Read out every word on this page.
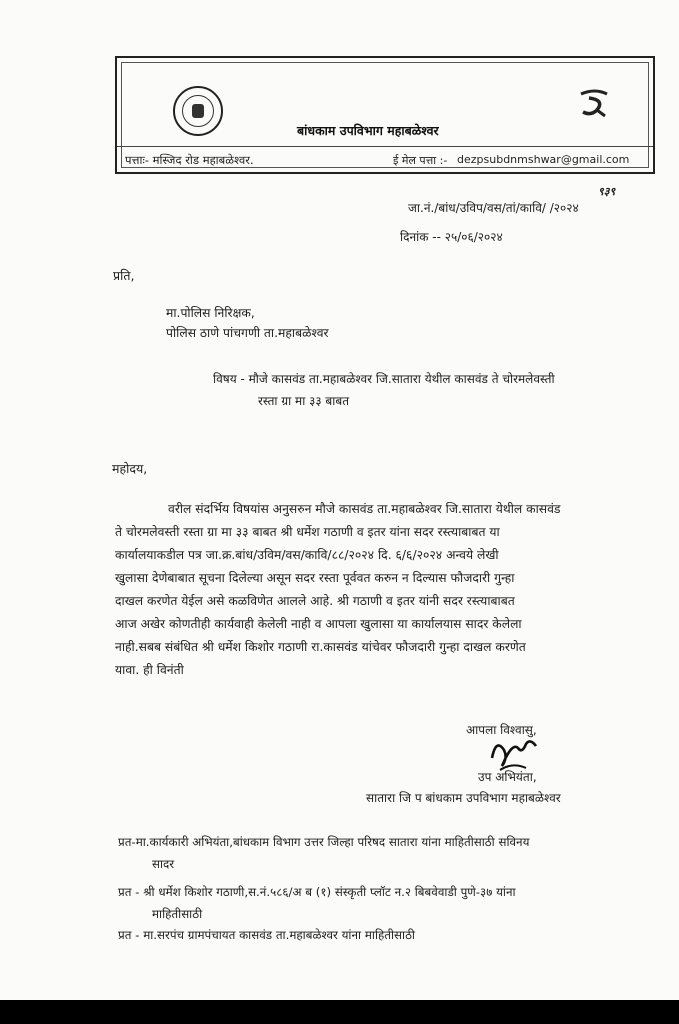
बांधकाम उपविभाग महाबळेश्वर
पत्ताः- मस्जिद रोड महाबळेश्वर.	ई मेल पत्ता :- dezpsubdnmshwar@gmail.com
९३९
जा.नं./बांध/उविप/वस/तां/कावि/ /२०२४
दिनांक -- २५/०६/२०२४
प्रति,
मा.पोलिस निरिक्षक,
पोलिस ठाणे पांचगणी ता.महाबळेश्वर
विषय - मौजे कासवंड ता.महाबळेश्वर जि.सातारा येथील कासवंड ते चोरमलेवस्ती
रस्ता ग्रा मा ३३ बाबत
महोदय,
वरील संदर्भिय विषयांस अनुसरुन मौजे कासवंड ता.महाबळेश्वर जि.सातारा येथील कासवंड
ते चोरमलेवस्ती रस्ता ग्रा मा ३३ बाबत श्री धर्मेश गठाणी व इतर यांना सदर रस्त्याबाबत या
कार्यालयाकडील पत्र जा.क्र.बांध/उविम/वस/कावि/८८/२०२४ दि. ६/६/२०२४ अन्वये लेखी
खुलासा देणेबाबात सूचना दिलेल्या असून सदर रस्ता पूर्ववत करुन न दिल्यास फौजदारी गुन्हा
दाखल करणेत येईल असे कळविणेत आलले आहे. श्री गठाणी व इतर यांनी सदर रस्त्याबाबत
आज अखेर कोणतीही कार्यवाही केलेली नाही व आपला खुलासा या कार्यालयास सादर केलेला
नाही.सबब संबंधित श्री धर्मेश किशोर गठाणी रा.कासवंड यांचेवर फौजदारी गुन्हा दाखल करणेत
यावा. ही विनंती
आपला विश्वासु,
उप अभियंता,
सातारा जि प बांधकाम उपविभाग महाबळेश्वर
प्रत-मा.कार्यकारी अभियंता,बांधकाम विभाग उत्तर जिल्हा परिषद सातारा यांना माहितीसाठी सविनय
सादर
प्रत - श्री धर्मेश किशोर गठाणी,स.नं.५८६/अ ब (१) संस्कृती प्लॉट न.२ बिबवेवाडी पुणे-३७ यांना
माहितीसाठी
प्रत - मा.सरपंच ग्रामपंचायत कासवंड ता.महाबळेश्वर यांना माहितीसाठी
